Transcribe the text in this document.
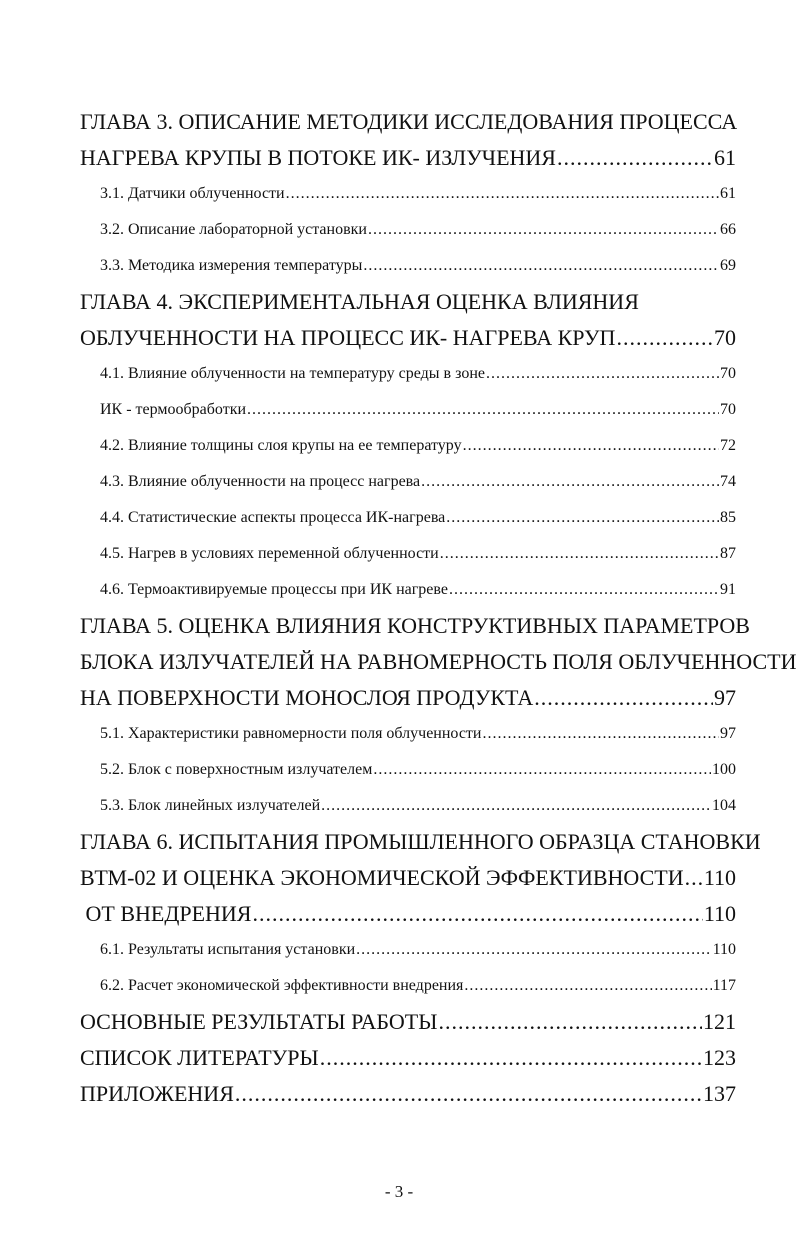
ГЛАВА 3. ОПИСАНИЕ МЕТОДИКИ ИССЛЕДОВАНИЯ ПРОЦЕССА
НАГРЕВА КРУПЫ В ПОТОКЕ ИК- ИЗЛУЧЕНИЯ .....	61
3.1. Датчики облученности .....	61
3.2. Описание лабораторной установки .....	66
3.3. Методика измерения температуры .....	69
ГЛАВА 4. ЭКСПЕРИМЕНТАЛЬНАЯ ОЦЕНКА ВЛИЯНИЯ
ОБЛУЧЕННОСТИ НА ПРОЦЕСС ИК- НАГРЕВА КРУП .....	70
4.1. Влияние облученности на температуру среды в зоне .....	70
ИК - термообработки .....	70
4.2. Влияние толщины слоя крупы на ее температуру .....	72
4.3. Влияние облученности на процесс нагрева .....	74
4.4. Статистические аспекты процесса ИК-нагрева .....	85
4.5. Нагрев в условиях переменной облученности .....	87
4.6. Термоактивируемые процессы при ИК нагреве .....	91
ГЛАВА 5. ОЦЕНКА ВЛИЯНИЯ КОНСТРУКТИВНЫХ ПАРАМЕТРОВ
БЛОКА ИЗЛУЧАТЕЛЕЙ НА РАВНОМЕРНОСТЬ ПОЛЯ ОБЛУЧЕННОСТИ
НА ПОВЕРХНОСТИ МОНОСЛОЯ ПРОДУКТА .....	97
5.1. Характеристики равномерности поля облученности .....	97
5.2. Блок с поверхностным излучателем .....	100
5.3. Блок линейных излучателей .....	104
ГЛАВА 6. ИСПЫТАНИЯ ПРОМЫШЛЕННОГО ОБРАЗЦА СТАНОВКИ
ВТМ-02 И ОЦЕНКА ЭКОНОМИЧЕСКОЙ ЭФФЕКТИВНОСТИ ..... 110
ОТ ВНЕДРЕНИЯ .....	110
6.1. Результаты испытания установки .....	110
6.2. Расчет экономической эффективности внедрения .....	117
ОСНОВНЫЕ РЕЗУЛЬТАТЫ РАБОТЫ .....	121
СПИСОК ЛИТЕРАТУРЫ .....	123
ПРИЛОЖЕНИЯ .....	137
- 3 -
